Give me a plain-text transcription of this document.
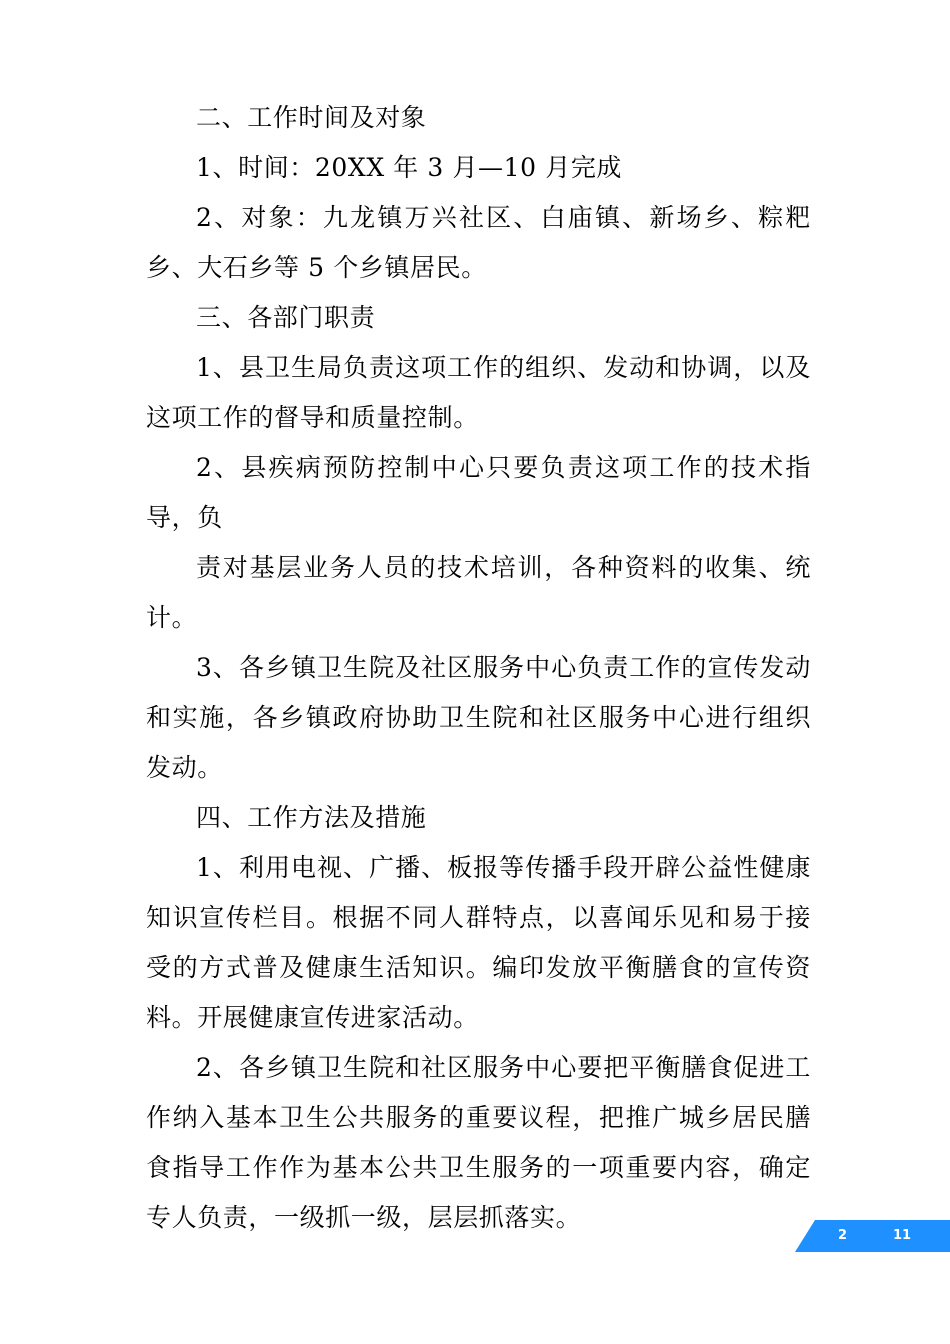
二、工作时间及对象

1、时间：20XX 年 3 月—10 月完成

2、对象：九龙镇万兴社区、白庙镇、新场乡、粽粑乡、大石乡等 5 个乡镇居民。

三、各部门职责

1、县卫生局负责这项工作的组织、发动和协调，以及这项工作的督导和质量控制。

2、县疾病预防控制中心只要负责这项工作的技术指导，负

责对基层业务人员的技术培训，各种资料的收集、统计。

3、各乡镇卫生院及社区服务中心负责工作的宣传发动和实施，各乡镇政府协助卫生院和社区服务中心进行组织发动。

四、工作方法及措施

1、利用电视、广播、板报等传播手段开辟公益性健康知识宣传栏目。根据不同人群特点，以喜闻乐见和易于接受的方式普及健康生活知识。编印发放平衡膳食的宣传资料。开展健康宣传进家活动。

2、各乡镇卫生院和社区服务中心要把平衡膳食促进工作纳入基本卫生公共服务的重要议程，把推广城乡居民膳食指导工作作为基本公共卫生服务的一项重要内容，确定专人负责，一级抓一级，层层抓落实。

2	11
